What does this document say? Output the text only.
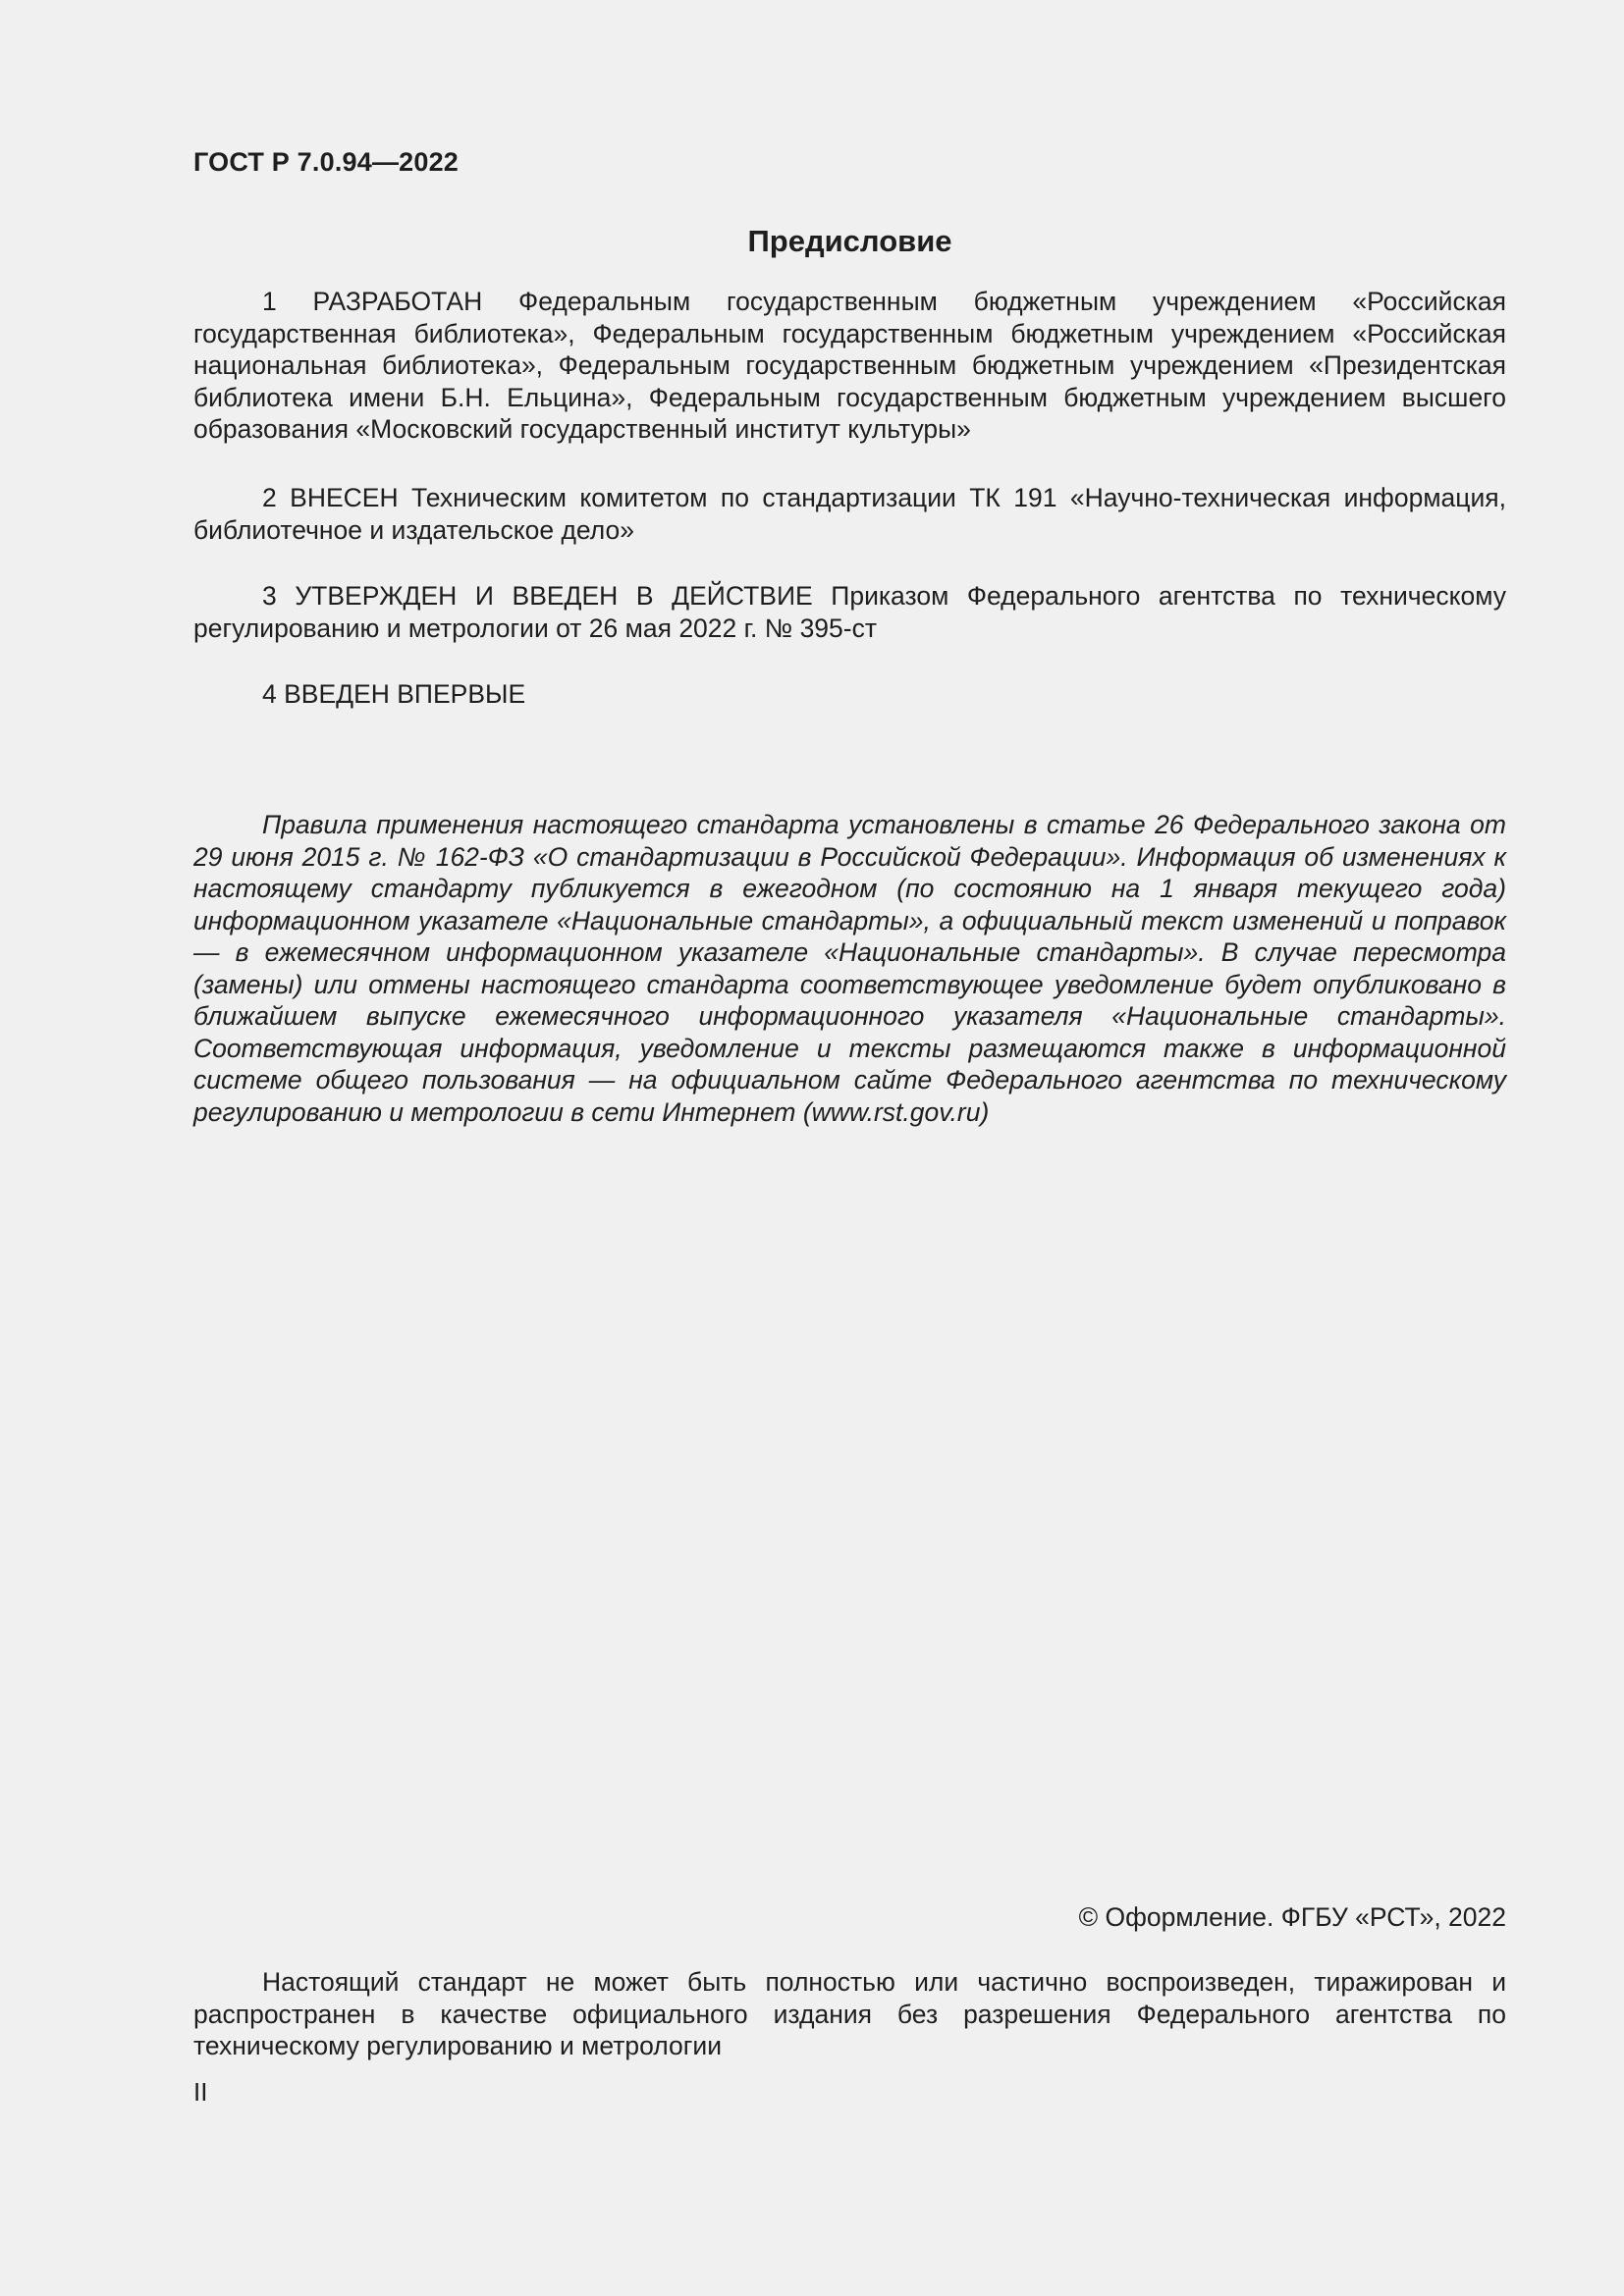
ГОСТ Р 7.0.94—2022
Предисловие

1 РАЗРАБОТАН Федеральным государственным бюджетным учреждением «Российская государственная библиотека», Федеральным государственным бюджетным учреждением «Российская национальная библиотека», Федеральным государственным бюджетным учреждением «Президентская библиотека имени Б.Н. Ельцина», Федеральным государственным бюджетным учреждением высшего образования «Московский государственный институт культуры»

2 ВНЕСЕН Техническим комитетом по стандартизации ТК 191 «Научно-техническая информация, библиотечное и издательское дело»

3 УТВЕРЖДЕН И ВВЕДЕН В ДЕЙСТВИЕ Приказом Федерального агентства по техническому регулированию и метрологии от 26 мая 2022 г. № 395-ст

4 ВВЕДЕН ВПЕРВЫЕ

Правила применения настоящего стандарта установлены в статье 26 Федерального закона от 29 июня 2015 г. № 162-ФЗ «О стандартизации в Российской Федерации». Информация об изменениях к настоящему стандарту публикуется в ежегодном (по состоянию на 1 января текущего года) информационном указателе «Национальные стандарты», а официальный текст изменений и поправок — в ежемесячном информационном указателе «Национальные стандарты». В случае пересмотра (замены) или отмены настоящего стандарта соответствующее уведомление будет опубликовано в ближайшем выпуске ежемесячного информационного указателя «Национальные стандарты». Соответствующая информация, уведомление и тексты размещаются также в информационной системе общего пользования — на официальном сайте Федерального агентства по техническому регулированию и метрологии в сети Интернет (www.rst.gov.ru)

© Оформление. ФГБУ «РСТ», 2022

Настоящий стандарт не может быть полностью или частично воспроизведен, тиражирован и распространен в качестве официального издания без разрешения Федерального агентства по техническому регулированию и метрологии

II
